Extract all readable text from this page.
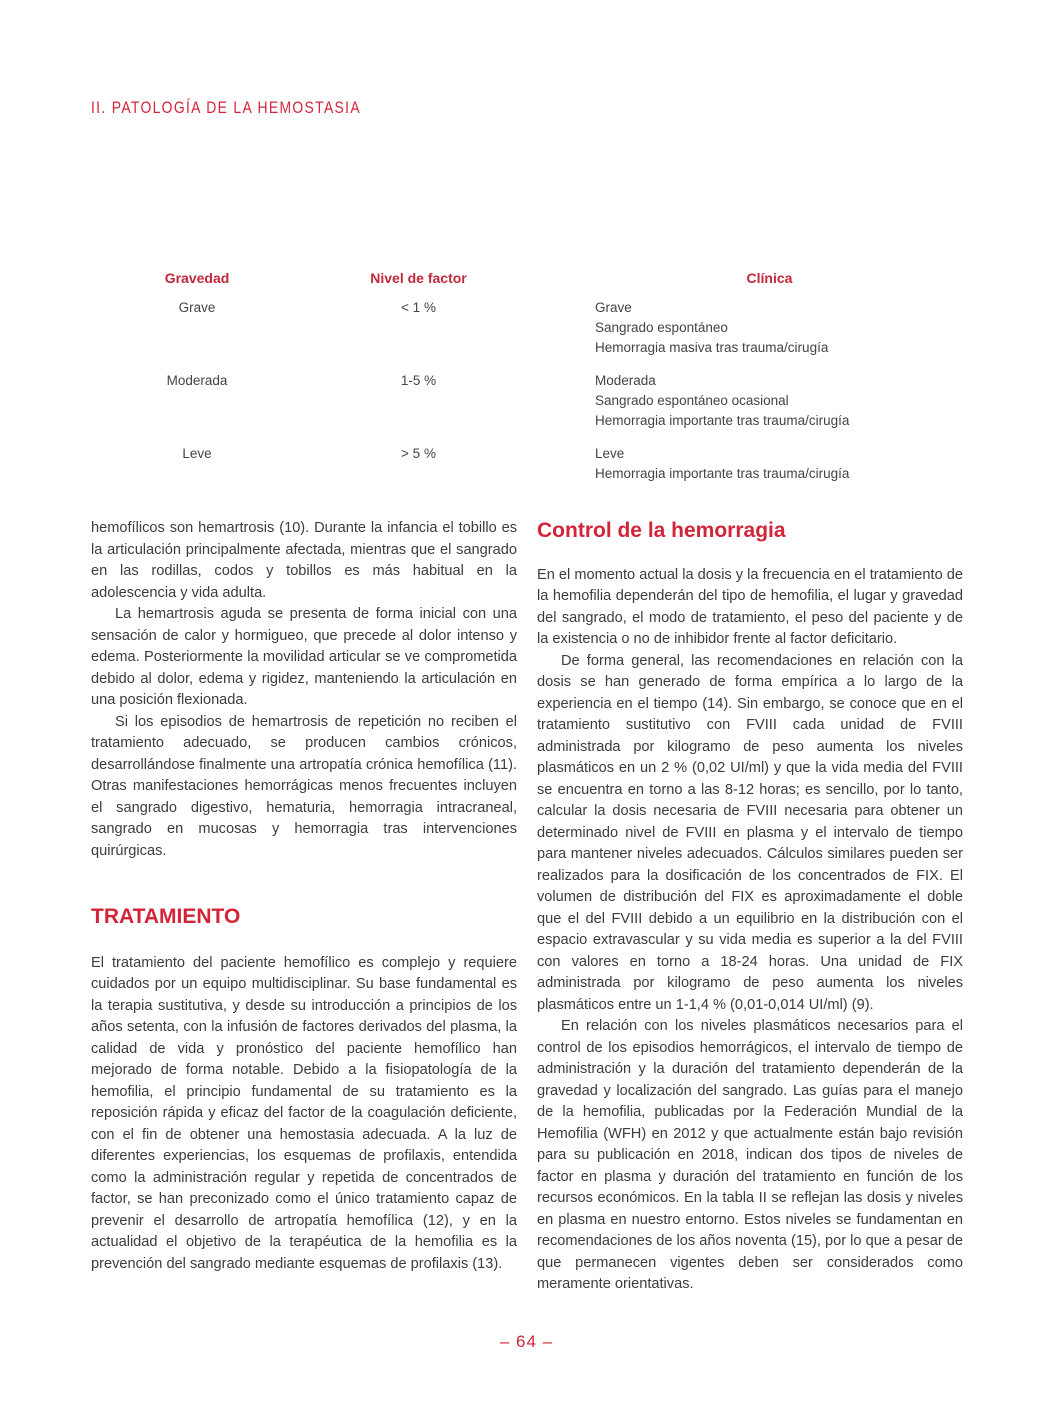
II. PATOLOGÍA DE LA HEMOSTASIA
Gravedad	Nivel de factor	Clínica
Grave	< 1 %	Grave
Sangrado espontáneo
Hemorragia masiva tras trauma/cirugía

Moderada	1-5 %	Moderada
Sangrado espontáneo ocasional
Hemorragia importante tras trauma/cirugía

Leve	> 5 %	Leve
Hemorragia importante tras trauma/cirugía

hemofílicos son hemartrosis (10). Durante la infancia el tobillo es la articulación principalmente afectada, mientras que el sangrado en las rodillas, codos y tobillos es más habitual en la adolescencia y vida adulta.

La hemartrosis aguda se presenta de forma inicial con una sensación de calor y hormigueo, que precede al dolor intenso y edema. Posteriormente la movilidad articular se ve comprometida debido al dolor, edema y rigidez, manteniendo la articulación en una posición flexionada.

Si los episodios de hemartrosis de repetición no reciben el tratamiento adecuado, se producen cambios crónicos, desarrollándose finalmente una artropatía crónica hemofílica (11). Otras manifestaciones hemorrágicas menos frecuentes incluyen el sangrado digestivo, hematuria, hemorragia intracraneal, sangrado en mucosas y hemorragia tras intervenciones quirúrgicas.

TRATAMIENTO

El tratamiento del paciente hemofílico es complejo y requiere cuidados por un equipo multidisciplinar. Su base fundamental es la terapia sustitutiva, y desde su introducción a principios de los años setenta, con la infusión de factores derivados del plasma, la calidad de vida y pronóstico del paciente hemofílico han mejorado de forma notable. Debido a la fisiopatología de la hemofilia, el principio fundamental de su tratamiento es la reposición rápida y eficaz del factor de la coagulación deficiente, con el fin de obtener una hemostasia adecuada. A la luz de diferentes experiencias, los esquemas de profilaxis, entendida como la administración regular y repetida de concentrados de factor, se han preconizado como el único tratamiento capaz de prevenir el desarrollo de artropatía hemofílica (12), y en la actualidad el objetivo de la terapéutica de la hemofilia es la prevención del sangrado mediante esquemas de profilaxis (13).

Control de la hemorragia

En el momento actual la dosis y la frecuencia en el tratamiento de la hemofilia dependerán del tipo de hemofilia, el lugar y gravedad del sangrado, el modo de tratamiento, el peso del paciente y de la existencia o no de inhibidor frente al factor deficitario.

De forma general, las recomendaciones en relación con la dosis se han generado de forma empírica a lo largo de la experiencia en el tiempo (14). Sin embargo, se conoce que en el tratamiento sustitutivo con FVIII cada unidad de FVIII administrada por kilogramo de peso aumenta los niveles plasmáticos en un 2 % (0,02 UI/ml) y que la vida media del FVIII se encuentra en torno a las 8-12 horas; es sencillo, por lo tanto, calcular la dosis necesaria de FVIII necesaria para obtener un determinado nivel de FVIII en plasma y el intervalo de tiempo para mantener niveles adecuados. Cálculos similares pueden ser realizados para la dosificación de los concentrados de FIX. El volumen de distribución del FIX es aproximadamente el doble que el del FVIII debido a un equilibrio en la distribución con el espacio extravascular y su vida media es superior a la del FVIII con valores en torno a 18-24 horas. Una unidad de FIX administrada por kilogramo de peso aumenta los niveles plasmáticos entre un 1-1,4 % (0,01-0,014 UI/ml) (9).

En relación con los niveles plasmáticos necesarios para el control de los episodios hemorrágicos, el intervalo de tiempo de administración y la duración del tratamiento dependerán de la gravedad y localización del sangrado. Las guías para el manejo de la hemofilia, publicadas por la Federación Mundial de la Hemofilia (WFH) en 2012 y que actualmente están bajo revisión para su publicación en 2018, indican dos tipos de niveles de factor en plasma y duración del tratamiento en función de los recursos económicos. En la tabla II se reflejan las dosis y niveles en plasma en nuestro entorno. Estos niveles se fundamentan en recomendaciones de los años noventa (15), por lo que a pesar de que permanecen vigentes deben ser considerados como meramente orientativas.

– 64 –
